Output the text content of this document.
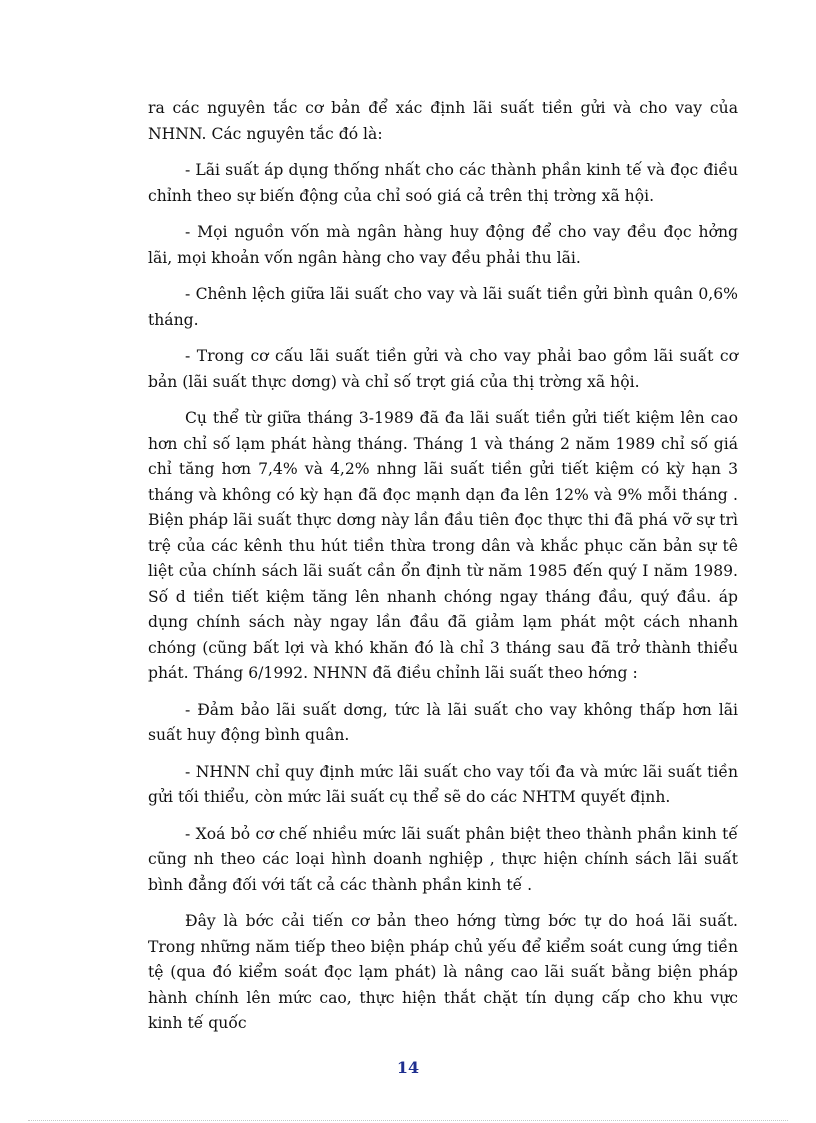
ra các nguyên tắc cơ bản để xác định lãi suất tiền gửi và cho vay của NHNN. Các nguyên tắc đó là:

- Lãi suất áp dụng thống nhất cho các thành phần kinh tế và đọc điều chỉnh theo sự biến động của chỉ soó giá cả trên thị trờng xã hội.

- Mọi nguồn vốn mà ngân hàng huy động để cho vay đều đọc hởng lãi, mọi khoản vốn ngân hàng cho vay đều phải thu lãi.

- Chênh lệch giữa lãi suất cho vay và lãi suất tiền gửi bình quân 0,6% tháng.

- Trong cơ cấu lãi suất tiền gửi và cho vay phải bao gồm lãi suất cơ bản (lãi suất thực dơng) và chỉ số trợt giá của thị trờng xã hội.

Cụ thể từ giữa tháng 3-1989 đã đa lãi suất tiền gửi tiết kiệm lên cao hơn chỉ số lạm phát hàng tháng. Tháng 1 và tháng 2 năm 1989 chỉ số giá chỉ tăng hơn 7,4% và 4,2% nhng lãi suất tiền gửi tiết kiệm có kỳ hạn 3 tháng và không có kỳ hạn đã đọc mạnh dạn đa lên 12% và 9% mỗi tháng . Biện pháp lãi suất thực dơng này lần đầu tiên đọc thực thi đã phá vỡ sự trì trệ của các kênh thu hút tiền thừa trong dân và khắc phục căn bản sự tê liệt của chính sách lãi suất cần ổn định từ năm 1985 đến quý I năm 1989. Số d tiền tiết kiệm tăng lên nhanh chóng ngay tháng đầu, quý đầu. áp dụng chính sách này ngay lần đầu đã giảm lạm phát một cách nhanh chóng (cũng bất lợi và khó khăn đó là chỉ 3 tháng sau đã trở thành thiểu phát. Tháng 6/1992. NHNN đã điều chỉnh lãi suất theo hớng :

- Đảm bảo lãi suất dơng, tức là lãi suất cho vay không thấp hơn lãi suất huy động bình quân.

- NHNN chỉ quy định mức lãi suất cho vay tối đa và mức lãi suất tiền gửi tối thiểu, còn mức lãi suất cụ thể sẽ do các NHTM quyết định.

- Xoá bỏ cơ chế nhiều mức lãi suất phân biệt theo thành phần kinh tế cũng nh theo các loại hình doanh nghiệp , thực hiện chính sách lãi suất bình đẳng đối với tất cả các thành phần kinh tế .

Đây là bớc cải tiến cơ bản theo hớng từng bớc tự do hoá lãi suất. Trong những năm tiếp theo biện pháp chủ yếu để kiểm soát cung ứng tiền tệ (qua đó kiểm soát đọc lạm phát) là nâng cao lãi suất bằng biện pháp hành chính lên mức cao, thực hiện thắt chặt tín dụng cấp cho khu vực kinh tế quốc

14
